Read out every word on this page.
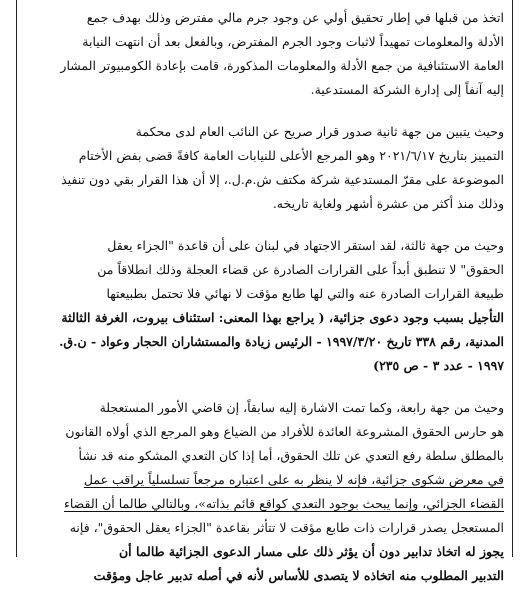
اتخذ من قبلها في إطار تحقيق أولي عن وجود جرم مالي مفترض وذلك بهدف جمع
الأدلة والمعلومات تمهيداً لاثبات وجود الجرم المفترض، وبالفعل بعد أن انتهت النيابة
العامة الاستئنافية من جمع الأدلة والمعلومات المذكورة، قامت بإعادة الكومبيوتر المشار
إليه آنفاً إلى إدارة الشركة المستدعية.
وحيث يتبين من جهة ثانية صدور قرار صريح عن النائب العام لدى محكمة
التمييز بتاريخ ٢٠٢١/٦/١٧ وهو المرجع الأعلى للنيابات العامة كافةً قضى بفض الأختام
الموضوعة على مقرّ المستدعية شركة مكتف ش.م.ل.، إلا أن هذا القرار بقي دون تنفيذ
وذلك منذ أكثر من عشرة أشهر ولغاية تاريخه.
وحيث من جهة ثالثة، لقد استقر الاجتهاد في لبنان على أن قاعدة "الجزاء يعقل
الحقوق" لا تنطبق أبداً على القرارات الصادرة عن قضاء العجلة وذلك انطلاقاً من
طبيعة القرارات الصادرة عنه والتي لها طابع مؤقت لا نهائي فلا تحتمل بطبيعتها
التأجيل بسبب وجود دعوى جزائية، ( يراجع بهذا المعنى: استئناف بيروت، الغرفة الثالثة
المدنية، رقم ٣٣٨ تاريخ ١٩٩٧/٣/٢٠ - الرئيس زيادة والمستشاران الحجار وعواد - ن.ق.
١٩٩٧ - عدد ٣ - ص ٢٣٥)
وحيث من جهة رابعة، وكما تمت الاشارة إليه سابقاً، إن قاضي الأمور المستعجلة
هو حارس الحقوق المشروعة العائدة للأفراد من الضياع وهو المرجع الذي أولاه القانون
بالمطلق سلطة رفع التعدي عن تلك الحقوق، أما إذا كان التعدي المشكو منه قد نشأ
في معرض شكوى جزائية، فإنه لا ينظر به على اعتباره مرجعاً تسلسلياً يراقب عمل
القضاء الجزائي، وإنما يبحث بوجود التعدي كواقع قائم بذاته»، وبالتالي طالما أن القضاء
المستعجل يصدر قرارات ذات طابع مؤقت لا تتأثر بقاعدة "الجزاء يعقل الحقوق"، فإنه
يجوز له اتخاذ تدابير دون أن يؤثر ذلك على مسار الدعوى الجزائية طالما أن
التدبير المطلوب منه اتخاذه لا يتصدى للأساس لأنه في أصله تدبير عاجل ومؤقت
